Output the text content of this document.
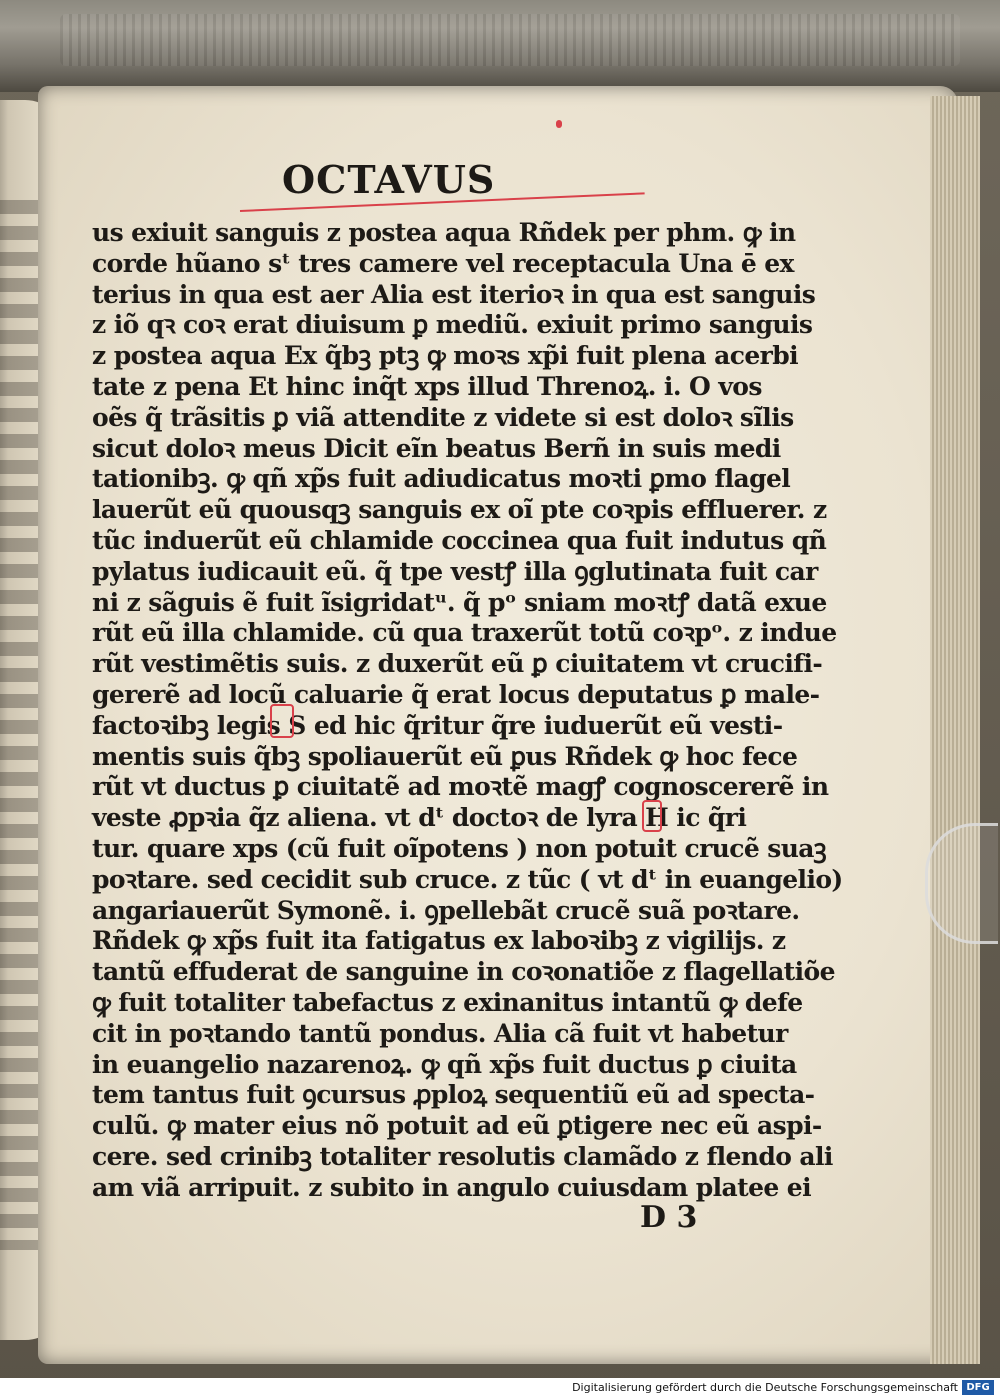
OCTAVUS
us exiuit sanguis z postea aqua Rñdek per phm. ꝙ in
corde hũano sᵗ tres camere vel receptacula Una ē ex
terius in qua est aer Alia est iterioꝛ in qua est sanguis
z iõ qꝛ coꝛ erat diuisum ꝑ mediũ. exiuit primo sanguis
z postea aqua Ex q̃bꝫ ptꝫ ꝙ moꝛs xp̃i fuit plena acerbi
tate z pena Et hinc inq̃t xps illud Threnoꝝ. i. O vos
oẽs q̃ trãsitis ꝑ viã attendite z videte si est doloꝛ sĩlis
sicut doloꝛ meus Dicit eĩn beatus Berñ in suis medi
tationibꝫ. ꝙ qñ xp̃s fuit adiudicatus moꝛti ꝑmo flagel
lauerũt eũ quousqꝫ sanguis ex oĩ pte coꝛpis effluerer. z
tũc induerũt eũ chlamide coccinea qua fuit indutus qñ
pylatus iudicauit eũ. q̃ tpe vestꝭ illa ꝯglutinata fuit car
ni z sãguis ẽ fuit ĩsigridatᵘ. q̃ pᵒ sniam moꝛtꝭ datã exue
rũt eũ illa chlamide. cũ qua traxerũt totũ coꝛpᵒ. z indue
rũt vestimẽtis suis. z duxerũt eũ ꝑ ciuitatem vt crucifi-
gererẽ ad locũ caluarie q̃ erat locus deputatus ꝑ male-
factoꝛibꝫ legis S ed hic q̃ritur q̃re iuduerũt eũ vesti-
mentis suis q̃bꝫ spoliauerũt eũ ꝑus Rñdek ꝙ hoc fece
rũt vt ductus ꝑ ciuitatẽ ad moꝛtẽ magꝭ cognoscererẽ in
veste ꝓpꝛia q̃z aliena. vt dᵗ doctoꝛ de lyra H ic q̃ri
tur. quare xps (cũ fuit oĩpotens ) non potuit crucẽ suaꝫ
poꝛtare. sed cecidit sub cruce. z tũc ( vt dᵗ in euangelio)
angariauerũt Symonẽ. i. ꝯpellebãt crucẽ suã poꝛtare.
Rñdek ꝙ xp̃s fuit ita fatigatus ex laboꝛibꝫ z vigilijs. z
tantũ effuderat de sanguine in coꝛonatiõe z flagellatiõe
ꝙ fuit totaliter tabefactus z exinanitus intantũ ꝙ defe
cit in poꝛtando tantũ pondus. Alia cã fuit vt habetur
in euangelio nazarenoꝝ. ꝙ qñ xp̃s fuit ductus ꝑ ciuita
tem tantus fuit ꝯcursus ꝓploꝝ sequentiũ eũ ad specta-
culũ. ꝙ mater eius nõ potuit ad eũ ꝑtigere nec eũ aspi-
cere. sed crinibꝫ totaliter resolutis clamãdo z flendo ali
am viã arripuit. z subito in angulo cuiusdam platee ei
D 3
Digitalisierung gefördert durch die Deutsche Forschungsgemeinschaft DFG
